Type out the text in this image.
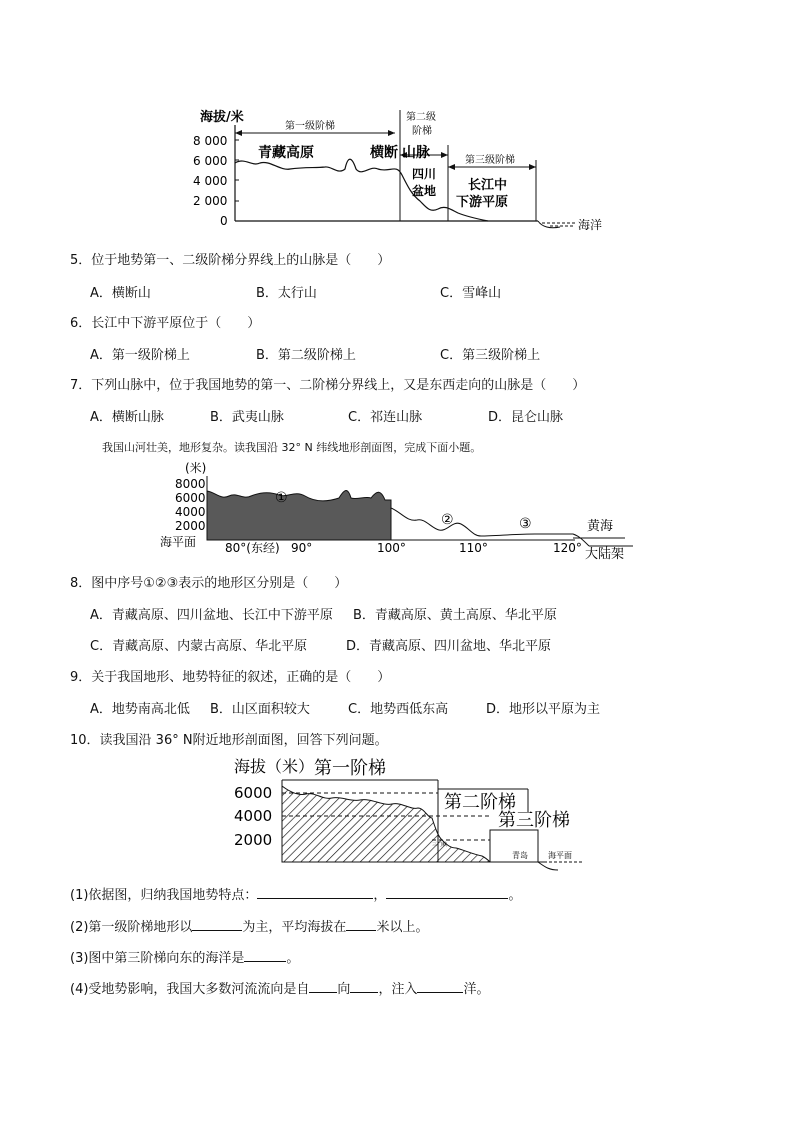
海拔/米
8 000
6 000
4 000
2 000
0
第一级阶梯
第二级
阶梯
第三级阶梯
海洋
青藏高原	横断 山脉
四川
盆地 长江中
下游平原
5．位于地势第一、二级阶梯分界线上的山脉是（　　）
A．横断山	B．太行山	C．雪峰山
6．长江中下游平原位于（　　）
A．第一级阶梯上	B．第二级阶梯上	C．第三级阶梯上
7．下列山脉中，位于我国地势的第一、二阶梯分界线上，又是东西走向的山脉是（　　）
A．横断山脉	B．武夷山脉	C．祁连山脉	D．昆仑山脉
我国山河壮美，地形复杂。读我国沿 32° N 纬线地形剖面图，完成下面小题。
(米)
8000
6000
4000
2000
海平面
黄海
大陆架
①
②	③
80°(东经) 90°	100°	110°	120°
8．图中序号①②③表示的地形区分别是（　　）
A．青藏高原、四川盆地、长江中下游平原 B．青藏高原、黄土高原、华北平原
C．青藏高原、内蒙古高原、华北平原	D．青藏高原、四川盆地、华北平原
9．关于我国地形、地势特征的叙述，正确的是（　　）
A．地势南高北低 B．山区面积较大	C．地势西低东高	D．地形以平原为主
10．读我国沿 36° N附近地形剖面图，回答下列问题。
海拔（米） 第一阶梯
第二阶梯
第三阶梯
6000
4000
2000	三门峡
青岛	海平面
(1)依据图，归纳我国地势特点：	，	。
(2)第一级阶梯地形以	为主，平均海拔在 米以上。
(3)图中第三阶梯向东的海洋是	。
(4)受地势影响，我国大多数河流流向是自 向 ，注入	洋。
